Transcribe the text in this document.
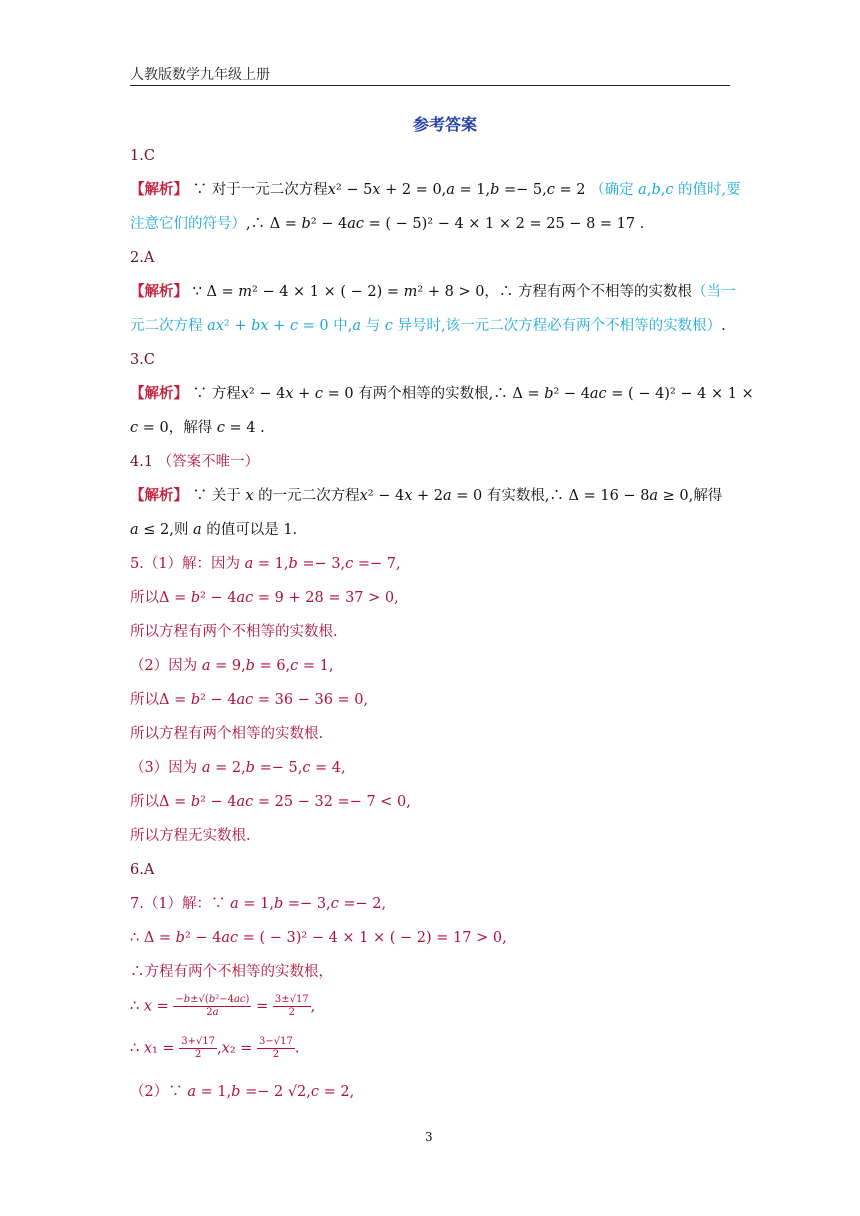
人教版数学九年级上册
参考答案
1.C
【解析】 ∵ 对于一元二次方程𝑥² − 5𝑥 + 2 = 0,𝑎 = 1,𝑏 =− 5,𝑐 = 2 （确定 𝑎,𝑏,𝑐 的值时,要
注意它们的符号）,∴ Δ = 𝑏² − 4𝑎𝑐 = ( − 5)² − 4 × 1 × 2 = 25 − 8 = 17 .
2.A
【解析】 ∵ Δ = 𝑚² − 4 × 1 × ( − 2) = 𝑚² + 8 > 0，∴ 方程有两个不相等的实数根（当一
元二次方程 𝑎𝑥² + 𝑏𝑥 + 𝑐 = 0 中,𝑎 与 𝑐 异号时,该一元二次方程必有两个不相等的实数根）.
3.C
【解析】 ∵ 方程𝑥² − 4𝑥 + 𝑐 = 0 有两个相等的实数根,∴ Δ = 𝑏² − 4𝑎𝑐 = ( − 4)² − 4 × 1 ×
𝑐 = 0，解得 𝑐 = 4 .
4.1 （答案不唯一）
【解析】 ∵ 关于 𝑥 的一元二次方程𝑥² − 4𝑥 + 2𝑎 = 0 有实数根,∴ Δ = 16 − 8𝑎 ≥ 0,解得
𝑎 ≤ 2,则 𝑎 的值可以是 1.
5.（1）解：因为 𝑎 = 1,𝑏 =− 3,𝑐 =− 7,
所以Δ = 𝑏² − 4𝑎𝑐 = 9 + 28 = 37 > 0,
所以方程有两个不相等的实数根.
（2）因为 𝑎 = 9,𝑏 = 6,𝑐 = 1,
所以Δ = 𝑏² − 4𝑎𝑐 = 36 − 36 = 0,
所以方程有两个相等的实数根.
（3）因为 𝑎 = 2,𝑏 =− 5,𝑐 = 4,
所以Δ = 𝑏² − 4𝑎𝑐 = 25 − 32 =− 7 < 0,
所以方程无实数根.
6.A
7.（1）解：∵ 𝑎 = 1,𝑏 =− 3,𝑐 =− 2,
∴ Δ = 𝑏² − 4𝑎𝑐 = ( − 3)² − 4 × 1 × ( − 2) = 17 > 0,
∴方程有两个不相等的实数根，
∴ 𝑥 = $\frac{\text{−𝑏±√(𝑏²−4𝑎𝑐)}}{\text{2𝑎}} = \frac{3\pm√17}{2}$ ,
∴ 𝑥₁ = $\frac{3+√17}{2}$ ,𝑥₂ = $\frac{3-√17}{2}$ .
（2）∵ 𝑎 = 1,𝑏 =− 2 √2,𝑐 = 2,
3
